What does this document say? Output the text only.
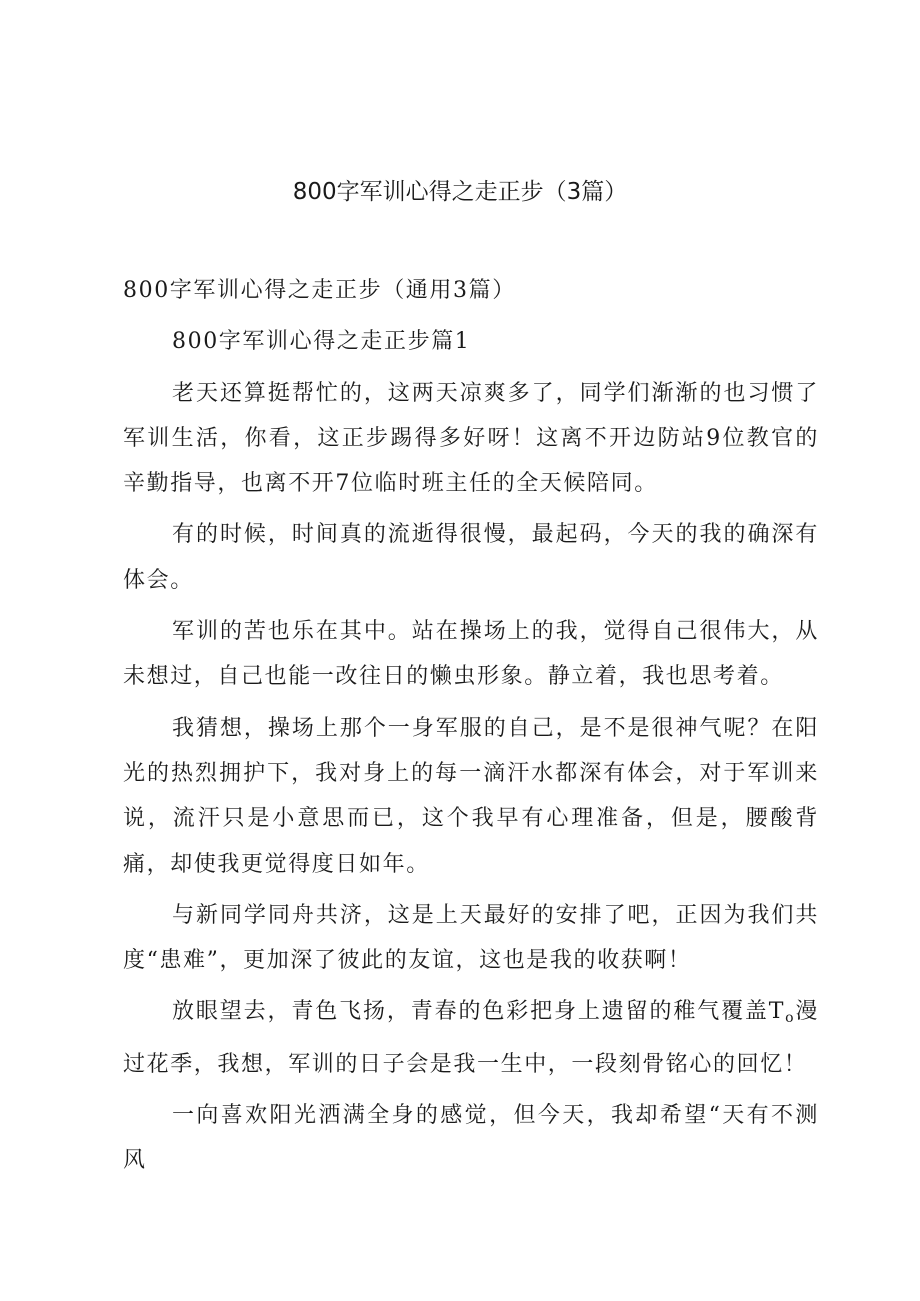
800字军训心得之走正步（3篇）

800字军训心得之走正步（通用3篇）

800字军训心得之走正步篇1

老天还算挺帮忙的，这两天凉爽多了，同学们渐渐的也习惯了军训生活，你看，这正步踢得多好呀！这离不开边防站9位教官的辛勤指导，也离不开7位临时班主任的全天候陪同。

有的时候，时间真的流逝得很慢，最起码，今天的我的确深有体会。

军训的苦也乐在其中。站在操场上的我，觉得自己很伟大，从未想过，自己也能一改往日的懒虫形象。静立着，我也思考着。

我猜想，操场上那个一身军服的自己，是不是很神气呢？在阳光的热烈拥护下，我对身上的每一滴汗水都深有体会，对于军训来说，流汗只是小意思而已，这个我早有心理准备，但是，腰酸背痛，却使我更觉得度日如年。

与新同学同舟共济，这是上天最好的安排了吧，正因为我们共度“患难”，更加深了彼此的友谊，这也是我的收获啊！

放眼望去，青色飞扬，青春的色彩把身上遗留的稚气覆盖$T_o$漫过花季，我想，军训的日子会是我一生中，一段刻骨铭心的回忆！

一向喜欢阳光洒满全身的感觉，但今天，我却希望“天有不测风
